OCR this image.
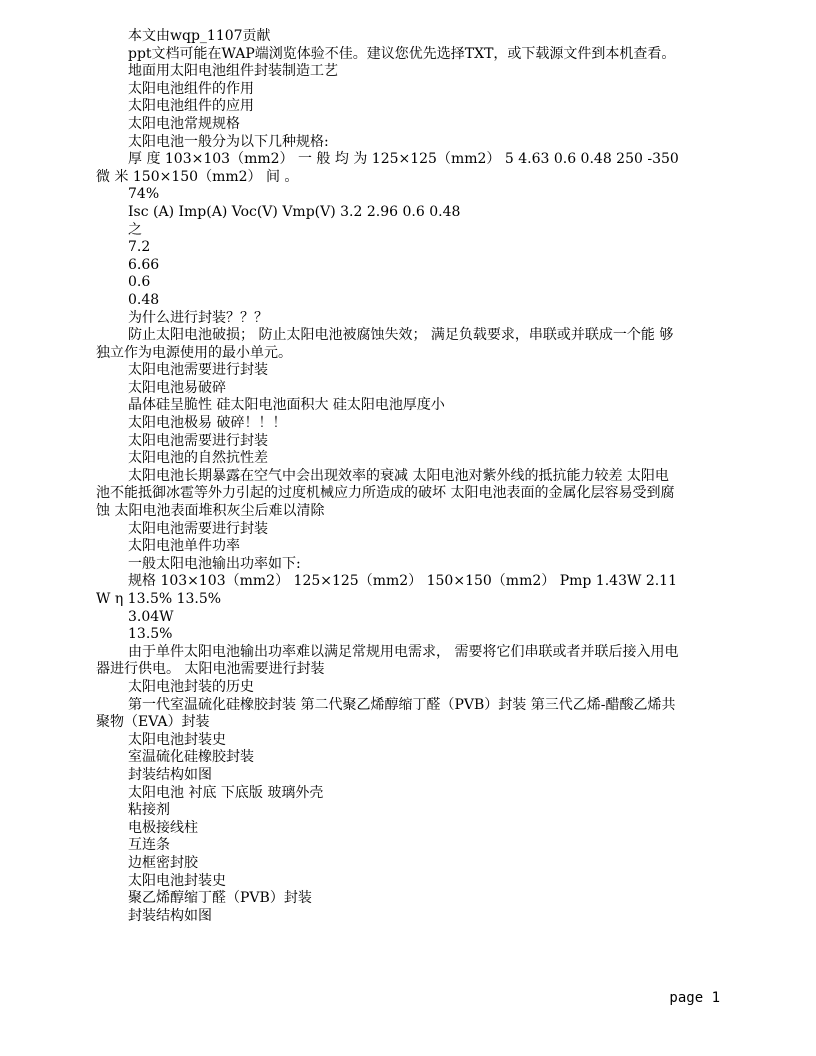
本文由wqp_1107贡献

ppt文档可能在WAP端浏览体验不佳。建议您优先选择TXT，或下载源文件到本机查看。

地面用太阳电池组件封装制造工艺

太阳电池组件的作用

太阳电池组件的应用

太阳电池常规规格

太阳电池一般分为以下几种规格:

厚 度 103×103（mm2） 一 般 均 为 125×125（mm2） 5 4.63 0.6 0.48 250 -350 微 米 150×150（mm2） 间 。

74%

Isc (A) Imp(A) Voc(V) Vmp(V) 3.2 2.96 0.6 0.48

之

7.2

6.66

0.6

0.48

为什么进行封装？？？

防止太阳电池破损； 防止太阳电池被腐蚀失效； 满足负载要求，串联或并联成一个能 够独立作为电源使用的最小单元。

太阳电池需要进行封装

太阳电池易破碎

晶体硅呈脆性 硅太阳电池面积大 硅太阳电池厚度小

太阳电池极易 破碎！！！

太阳电池需要进行封装

太阳电池的自然抗性差

太阳电池长期暴露在空气中会出现效率的衰减 太阳电池对紫外线的抵抗能力较差 太阳电池不能抵御冰雹等外力引起的过度机械应力所造成的破坏 太阳电池表面的金属化层容易受到腐蚀 太阳电池表面堆积灰尘后难以清除

太阳电池需要进行封装

太阳电池单件功率

一般太阳电池输出功率如下:

规格 103×103（mm2） 125×125（mm2） 150×150（mm2） Pmp 1.43W 2.11W η 13.5% 13.5%

3.04W

13.5%

由于单件太阳电池输出功率难以满足常规用电需求， 需要将它们串联或者并联后接入用电器进行供电。 太阳电池需要进行封装

太阳电池封装的历史

第一代室温硫化硅橡胶封装 第二代聚乙烯醇缩丁醛（PVB）封装 第三代乙烯-醋酸乙烯共聚物（EVA）封装

太阳电池封装史

室温硫化硅橡胶封装

封装结构如图

太阳电池 衬底 下底版 玻璃外壳

粘接剂

电极接线柱

互连条

边框密封胶

太阳电池封装史

聚乙烯醇缩丁醛（PVB）封装

封装结构如图

page 1
